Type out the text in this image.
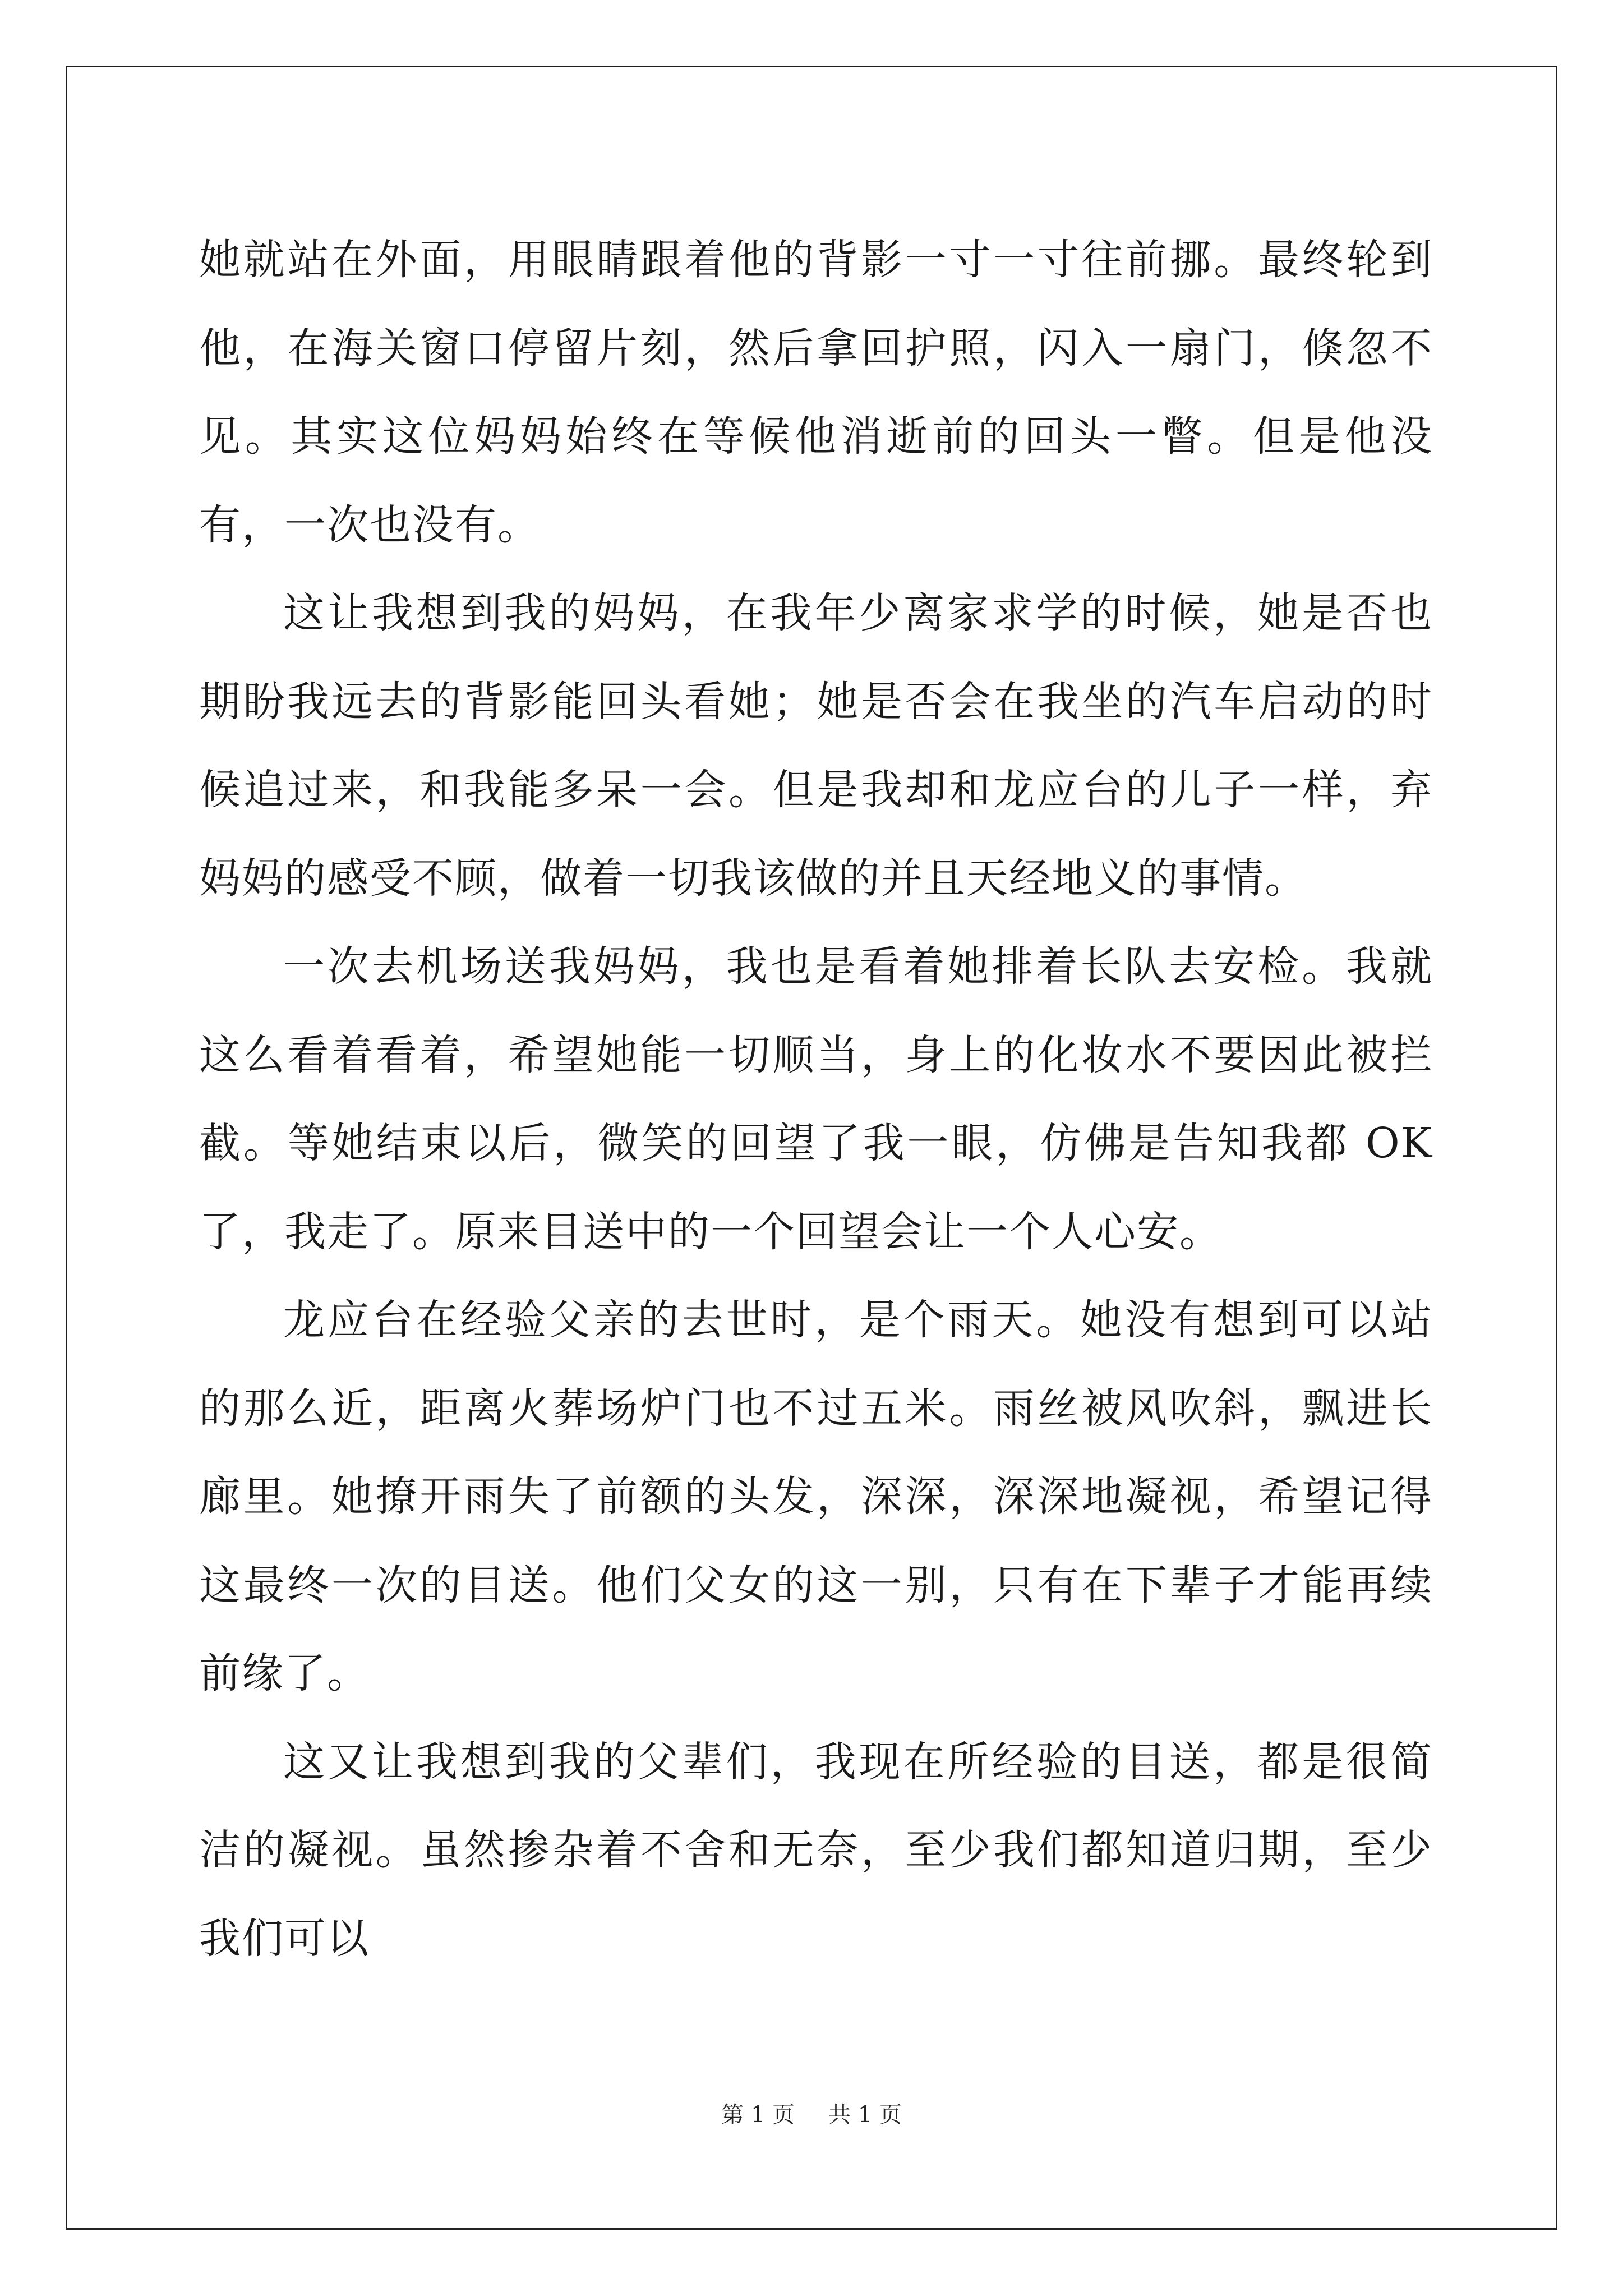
她就站在外面，用眼睛跟着他的背影一寸一寸往前挪。最终轮到他，在海关窗口停留片刻，然后拿回护照，闪入一扇门，倏忽不见。其实这位妈妈始终在等候他消逝前的回头一瞥。但是他没有，一次也没有。

这让我想到我的妈妈，在我年少离家求学的时候，她是否也期盼我远去的背影能回头看她；她是否会在我坐的汽车启动的时候追过来，和我能多呆一会。但是我却和龙应台的儿子一样，弃妈妈的感受不顾，做着一切我该做的并且天经地义的事情。

一次去机场送我妈妈，我也是看着她排着长队去安检。我就这么看着看着，希望她能一切顺当，身上的化妆水不要因此被拦截。等她结束以后，微笑的回望了我一眼，仿佛是告知我都 OK 了，我走了。原来目送中的一个回望会让一个人心安。

龙应台在经验父亲的去世时，是个雨天。她没有想到可以站的那么近，距离火葬场炉门也不过五米。雨丝被风吹斜，飘进长廊里。她撩开雨失了前额的头发，深深，深深地凝视，希望记得这最终一次的目送。他们父女的这一别，只有在下辈子才能再续前缘了。

这又让我想到我的父辈们，我现在所经验的目送，都是很简洁的凝视。虽然掺杂着不舍和无奈，至少我们都知道归期，至少我们可以

第 1 页 共 1 页
